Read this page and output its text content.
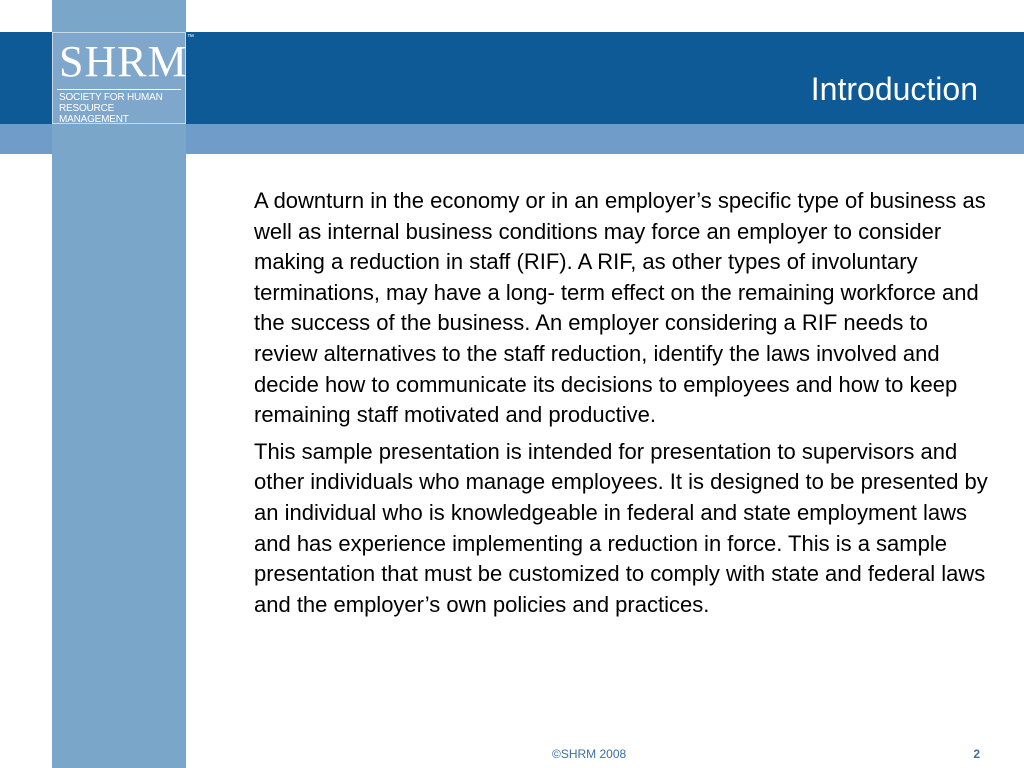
SHRM
SOCIETY FOR HUMAN
RESOURCE MANAGEMENT
™
Introduction

A downturn in the economy or in an employer’s specific type of business as well as internal business conditions may force an employer to consider making a reduction in staff (RIF). A RIF, as other types of involuntary terminations, may have a long- term effect on the remaining workforce and the success of the business. An employer considering a RIF needs to review alternatives to the staff reduction, identify the laws involved and decide how to communicate its decisions to employees and how to keep remaining staff motivated and productive.

This sample presentation is intended for presentation to supervisors and other individuals who manage employees. It is designed to be presented by an individual who is knowledgeable in federal and state employment laws and has experience implementing a reduction in force. This is a sample presentation that must be customized to comply with state and federal laws and the employer’s own policies and practices.

©SHRM 2008	2
